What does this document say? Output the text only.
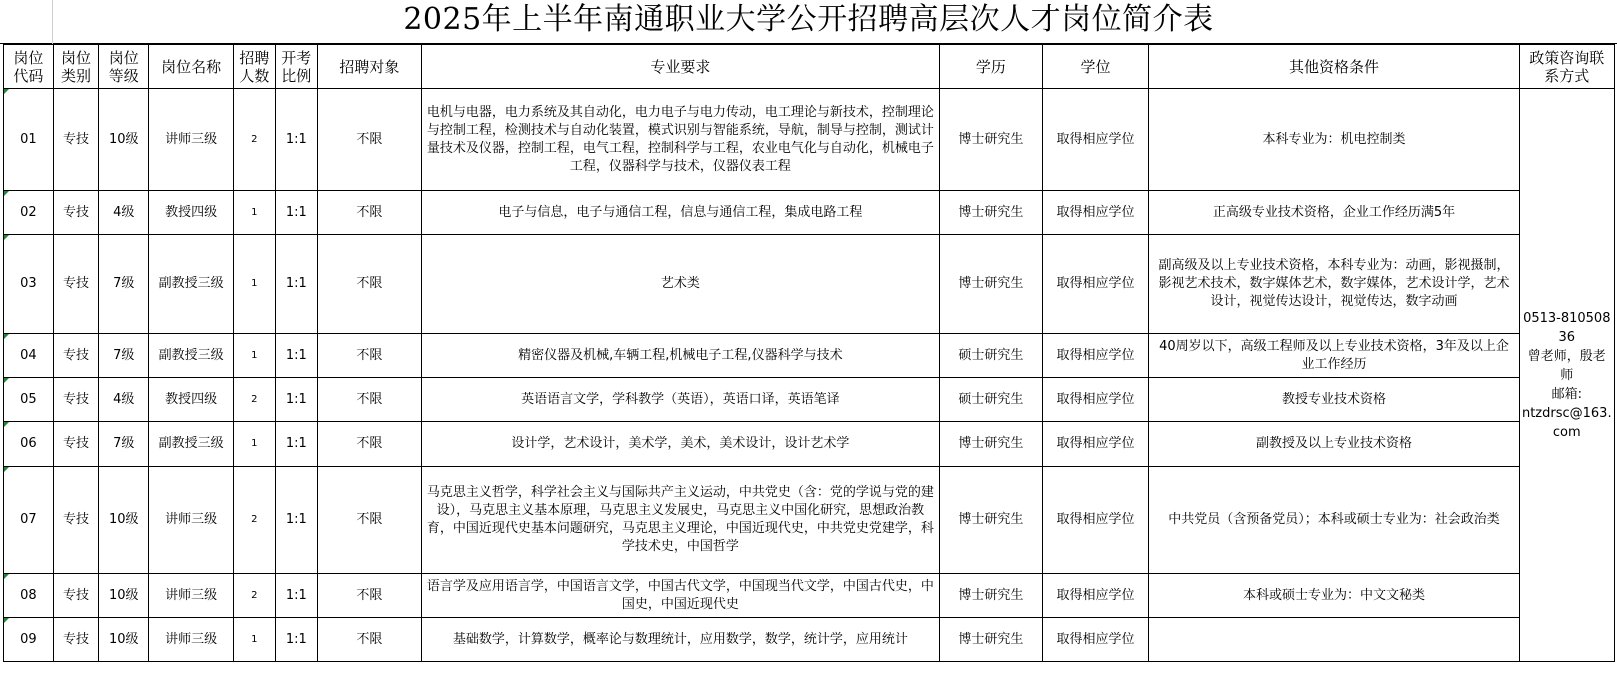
2025年上半年南通职业大学公开招聘高层次人才岗位简介表
岗位代码	岗位类别	岗位等级	岗位名称	招聘人数	开考比例	招聘对象	专业要求	学历	学位	其他资格条件	政策咨询联系方式

01	专技	10级	讲师三级	2	1:1	不限	电机与电器，电力系统及其自动化，电力电子与电力传动，电工理论与新技术，控制理论与控制工程，检测技术与自动化装置，模式识别与智能系统，导航，制导与控制，测试计量技术及仪器，控制工程，电气工程，控制科学与工程，农业电气化与自动化，机械电子工程，仪器科学与技术，仪器仪表工程	博士研究生	取得相应学位	本科专业为：机电控制类	0513-81050836
曾老师，殷老师
邮箱:
ntzdrsc@163.com

02	专技	4级	教授四级	1	1:1	不限	电子与信息，电子与通信工程，信息与通信工程，集成电路工程	博士研究生	取得相应学位	正高级专业技术资格，企业工作经历满5年	

03	专技	7级	副教授三级	1	1:1	不限	艺术类	博士研究生	取得相应学位	副高级及以上专业技术资格，本科专业为：动画，影视摄制，影视艺术技术，数字媒体艺术，数字媒体，艺术设计学，艺术设计，视觉传达设计，视觉传达，数字动画	

04	专技	7级	副教授三级	1	1:1	不限	精密仪器及机械,车辆工程,机械电子工程,仪器科学与技术	硕士研究生	取得相应学位	40周岁以下，高级工程师及以上专业技术资格，3年及以上企业工作经历	

05	专技	4级	教授四级	2	1:1	不限	英语语言文学，学科教学（英语），英语口译，英语笔译	硕士研究生	取得相应学位	教授专业技术资格	

06	专技	7级	副教授三级	1	1:1	不限	设计学，艺术设计，美术学，美术，美术设计，设计艺术学	博士研究生	取得相应学位	副教授及以上专业技术资格	

07	专技	10级	讲师三级	2	1:1	不限	马克思主义哲学，科学社会主义与国际共产主义运动，中共党史（含：党的学说与党的建设），马克思主义基本原理，马克思主义发展史，马克思主义中国化研究，思想政治教育，中国近现代史基本问题研究，马克思主义理论，中国近现代史，中共党史党建学，科学技术史，中国哲学	博士研究生	取得相应学位	中共党员（含预备党员）；本科或硕士专业为：社会政治类	

08	专技	10级	讲师三级	2	1:1	不限	语言学及应用语言学，中国语言文学，中国古代文学，中国现当代文学，中国古代史，中国史，中国近现代史	博士研究生	取得相应学位	本科或硕士专业为：中文文秘类	

09	专技	10级	讲师三级	1	1:1	不限	基础数学，计算数学，概率论与数理统计，应用数学，数学，统计学，应用统计	博士研究生	取得相应学位		
